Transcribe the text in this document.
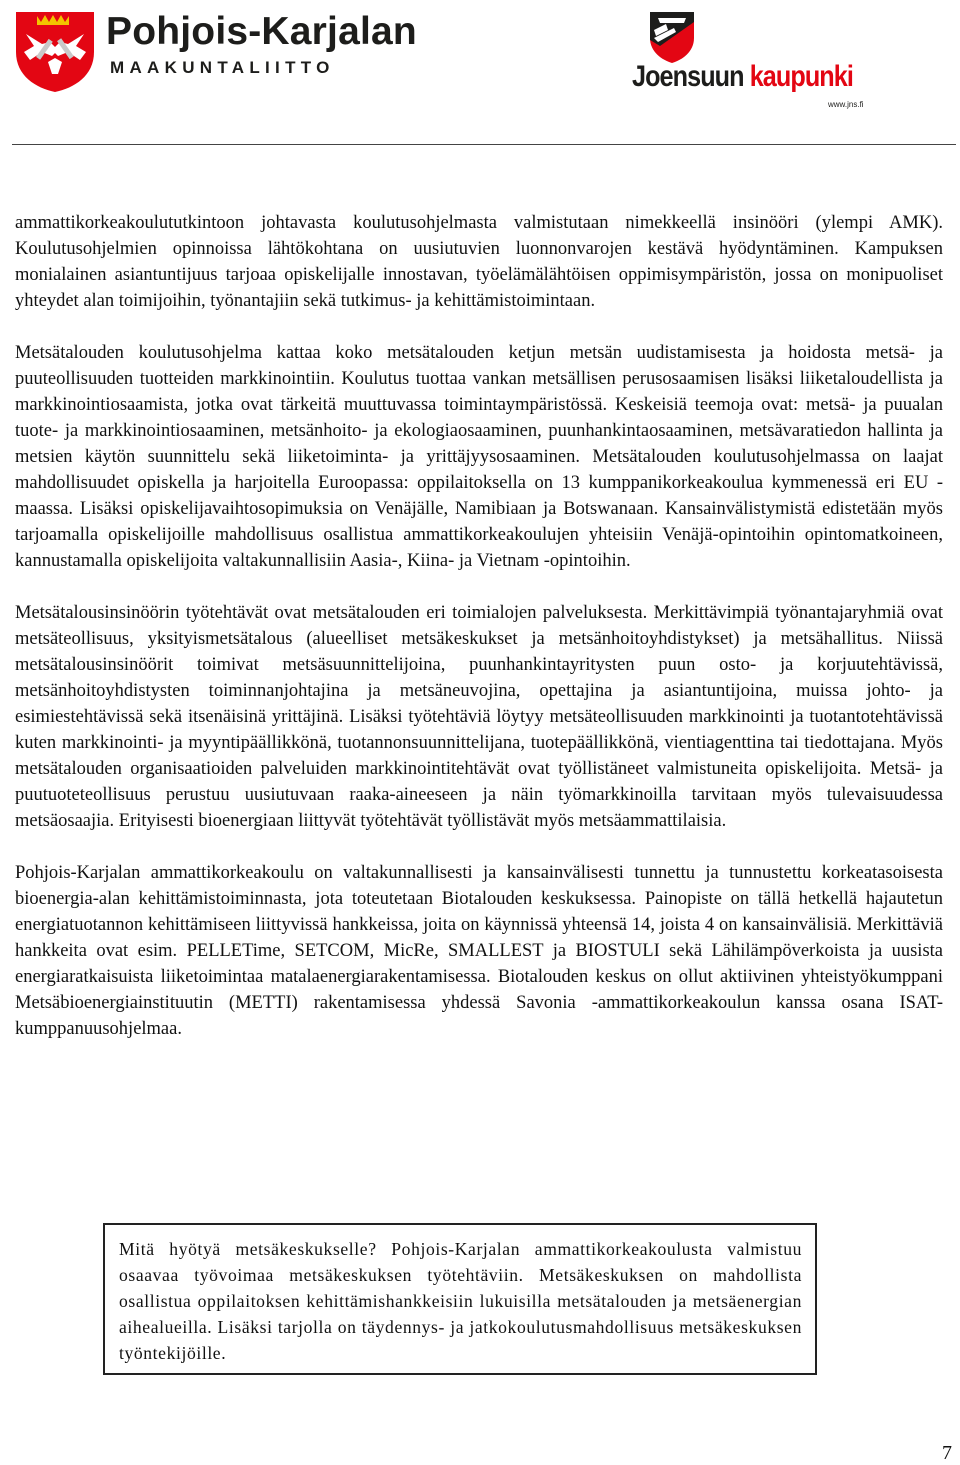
Pohjois-Karjalan
MAAKUNTALIITTO	Joensuun kaupunki
www.jns.fi

ammattikorkeakoulututkintoon johtavasta koulutusohjelmasta valmistutaan nimekkeellä insinööri (ylempi AMK). Koulutusohjelmien opinnoissa lähtökohtana on uusiutuvien luonnonvarojen kestävä hyödyntäminen. Kampuksen monialainen asiantuntijuus tarjoaa opiskelijalle innostavan, työelämälähtöisen oppimisympäristön, jossa on monipuoliset yhteydet alan toimijoihin, työnantajiin sekä tutkimus- ja kehittämistoimintaan.

Metsätalouden koulutusohjelma kattaa koko metsätalouden ketjun metsän uudistamisesta ja hoidosta metsä- ja puuteollisuuden tuotteiden markkinointiin. Koulutus tuottaa vankan metsällisen perusosaamisen lisäksi liiketaloudellista ja markkinointiosaamista, jotka ovat tärkeitä muuttuvassa toimintaympäristössä. Keskeisiä teemoja ovat: metsä- ja puualan tuote- ja markkinointiosaaminen, metsänhoito- ja ekologiaosaaminen, puunhankintaosaaminen, metsävaratiedon hallinta ja metsien käytön suunnittelu sekä liiketoiminta- ja yrittäjyysosaaminen. Metsätalouden koulutusohjelmassa on laajat mahdollisuudet opiskella ja harjoitella Euroopassa: oppilaitoksella on 13 kumppanikorkeakoulua kymmenessä eri EU -maassa. Lisäksi opiskelijavaihtosopimuksia on Venäjälle, Namibiaan ja Botswanaan. Kansainvälistymistä edistetään myös tarjoamalla opiskelijoille mahdollisuus osallistua ammattikorkeakoulujen yhteisiin Venäjä-opintoihin opintomatkoineen, kannustamalla opiskelijoita valtakunnallisiin Aasia-, Kiina- ja Vietnam -opintoihin.

Metsätalousinsinöörin työtehtävät ovat metsätalouden eri toimialojen palveluksesta. Merkittävimpiä työnantajaryhmiä ovat metsäteollisuus, yksityismetsätalous (alueelliset metsäkeskukset ja metsänhoitoyhdistykset) ja metsähallitus. Niissä metsätalousinsinöörit toimivat metsäsuunnittelijoina, puunhankintayritysten puun osto- ja korjuutehtävissä, metsänhoitoyhdistysten toiminnanjohtajina ja metsäneuvojina, opettajina ja asiantuntijoina, muissa johto- ja esimiestehtävissä sekä itsenäisinä yrittäjinä. Lisäksi työtehtäviä löytyy metsäteollisuuden markkinointi ja tuotantotehtävissä kuten markkinointi- ja myyntipäällikkönä, tuotannonsuunnittelijana, tuotepäällikkönä, vientiagenttina tai tiedottajana. Myös metsätalouden organisaatioiden palveluiden markkinointitehtävät ovat työllistäneet valmistuneita opiskelijoita. Metsä- ja puutuoteteollisuus perustuu uusiutuvaan raaka-aineeseen ja näin työmarkkinoilla tarvitaan myös tulevaisuudessa metsäosaajia. Erityisesti bioenergiaan liittyvät työtehtävät työllistävät myös metsäammattilaisia.

Pohjois-Karjalan ammattikorkeakoulu on valtakunnallisesti ja kansainvälisesti tunnettu ja tunnustettu korkeatasoisesta bioenergia-alan kehittämistoiminnasta, jota toteutetaan Biotalouden keskuksessa. Painopiste on tällä hetkellä hajautetun energiatuotannon kehittämiseen liittyvissä hankkeissa, joita on käynnissä yhteensä 14, joista 4 on kansainvälisiä. Merkittäviä hankkeita ovat esim. PELLETime, SETCOM, MicRe, SMALLEST ja BIOSTULI sekä Lähilämpöverkoista ja uusista energiaratkaisuista liiketoimintaa matalaenergiarakentamisessa. Biotalouden keskus on ollut aktiivinen yhteistyökumppani Metsäbioenergiainstituutin (METTI) rakentamisessa yhdessä Savonia -ammattikorkeakoulun kanssa osana ISAT-kumppanuusohjelmaa.

Mitä hyötyä metsäkeskukselle? Pohjois-Karjalan ammattikorkeakoulusta valmistuu osaavaa työvoimaa metsäkeskuksen työtehtäviin. Metsäkeskuksen on mahdollista osallistua oppilaitoksen kehittämishankkeisiin lukuisilla metsätalouden ja metsäenergian aihealueilla. Lisäksi tarjolla on täydennys- ja jatkokoulutusmahdollisuus metsäkeskuksen työntekijöille.

7
